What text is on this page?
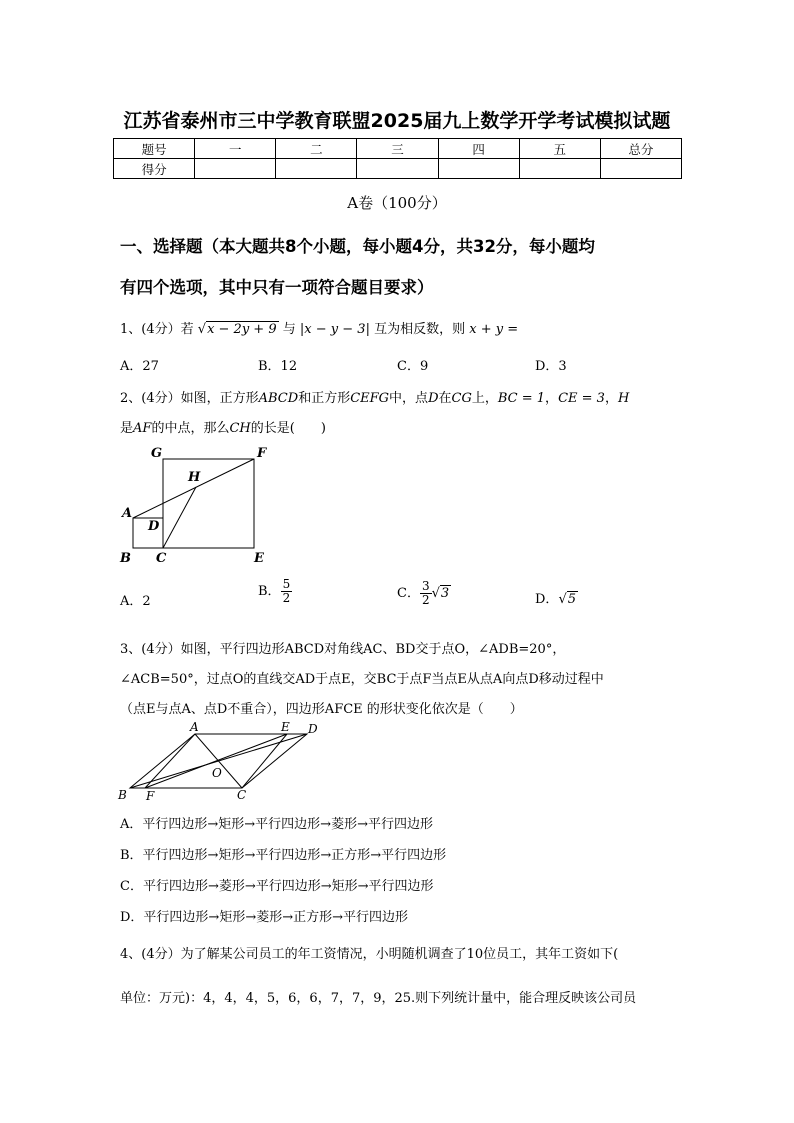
江苏省泰州市三中学教育联盟2025届九上数学开学考试模拟试题
题号	一	二	三	四	五	总分
得分						
A卷（100分）
一、选择题（本大题共8个小题，每小题4分，共32分，每小题均
有四个选项，其中只有一项符合题目要求）
1、(4分）若 √x − 2y + 9 与 |x − y − 3| 互为相反数，则 x + y =
A．27	B．12	C．9	D．3
2、(4分）如图，正方形ABCD和正方形CEFG中，点D在CG上，BC = 1，CE = 3，H
是AF的中点，那么CH的长是(　　)
G	F
H
A
D
B C	E
A．2
B． $\frac{5}{2}$	C． $\frac{3}{2} √3$	D．√5
3、(4分）如图，平行四边形ABCD对角线AC、BD交于点O，∠ADB=20°，
∠ACB=50°，过点O的直线交AD于点E，交BC于点F当点E从点A向点D移动过程中
（点E与点A、点D不重合），四边形AFCE 的形状变化依次是（　　）
A	E D
O
B F	C
A．平行四边形→矩形→平行四边形→菱形→平行四边形
B．平行四边形→矩形→平行四边形→正方形→平行四边形
C．平行四边形→菱形→平行四边形→矩形→平行四边形
D．平行四边形→矩形→菱形→正方形→平行四边形
4、(4分）为了解某公司员工的年工资情况，小明随机调查了10位员工，其年工资如下(
单位：万元)：4，4，4，5，6，6，7，7，9，25.则下列统计量中，能合理反映该公司员
